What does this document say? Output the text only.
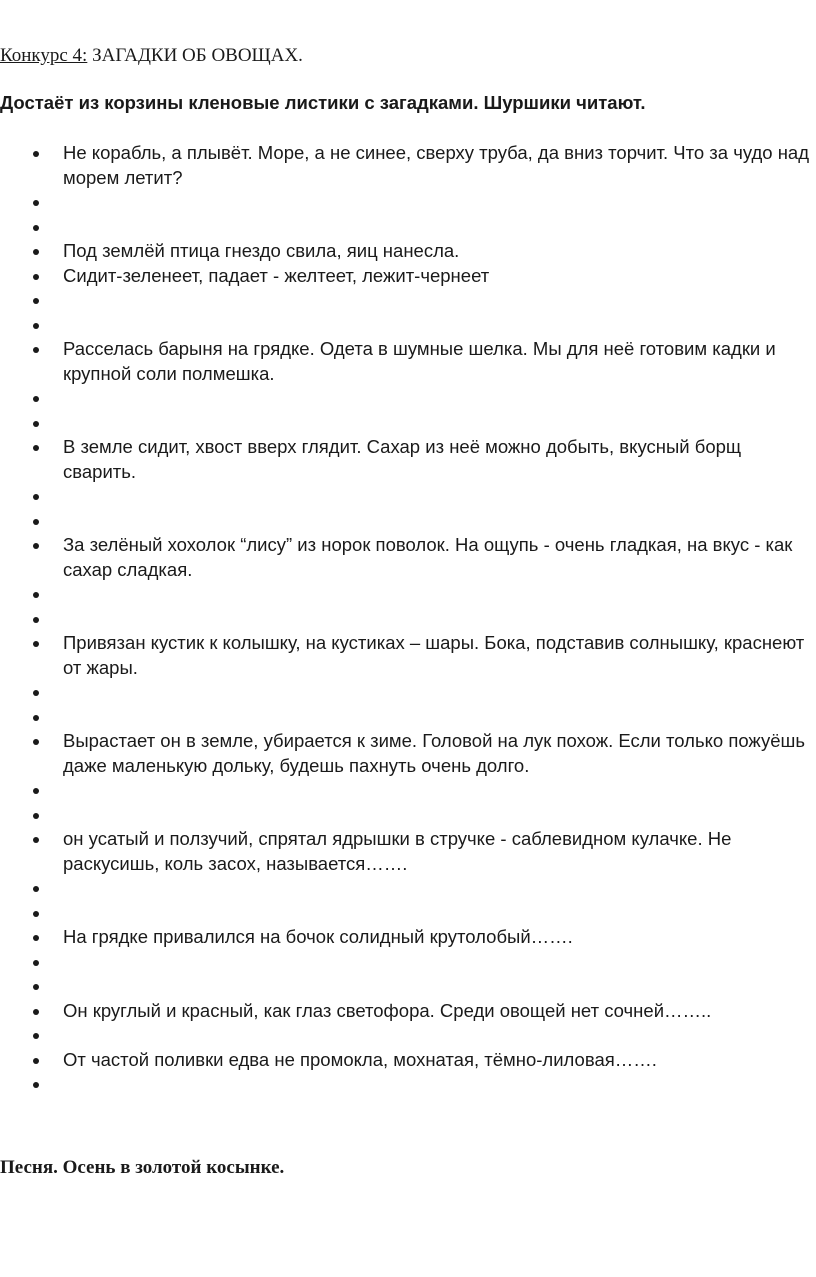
Конкурс 4: ЗАГАДКИ ОБ ОВОЩАХ.
Достаёт из корзины кленовые листики с загадками. Шуршики читают.
Не корабль, а плывёт. Море, а не синее, сверху труба, да вниз торчит. Что за чудо над морем летит?
Под землёй птица гнездо свила, яиц нанесла.
Сидит-зеленеет, падает - желтеет, лежит-чернеет
Расселась барыня на грядке. Одета в шумные шелка. Мы для неё готовим кадки и крупной соли полмешка.
В земле сидит, хвост вверх глядит. Сахар из неё можно добыть, вкусный борщ сварить.
За зелёный хохолок “лису” из норок поволок. На ощупь - очень гладкая, на вкус - как сахар сладкая.
Привязан кустик к колышку, на кустиках – шары. Бока, подставив солнышку, краснеют от жары.
Вырастает он в земле, убирается к зиме. Головой на лук похож. Если только пожуёшь даже маленькую дольку, будешь пахнуть очень долго.
он усатый и ползучий, спрятал ядрышки в стручке - саблевидном кулачке. Не раскусишь, коль засох, называется…….
На грядке привалился на бочок солидный крутолобый…….
Он круглый и красный, как глаз светофора. Среди овощей нет сочней……..
От частой поливки едва не промокла, мохнатая, тёмно-лиловая…….
Песня. Осень в золотой косынке.
